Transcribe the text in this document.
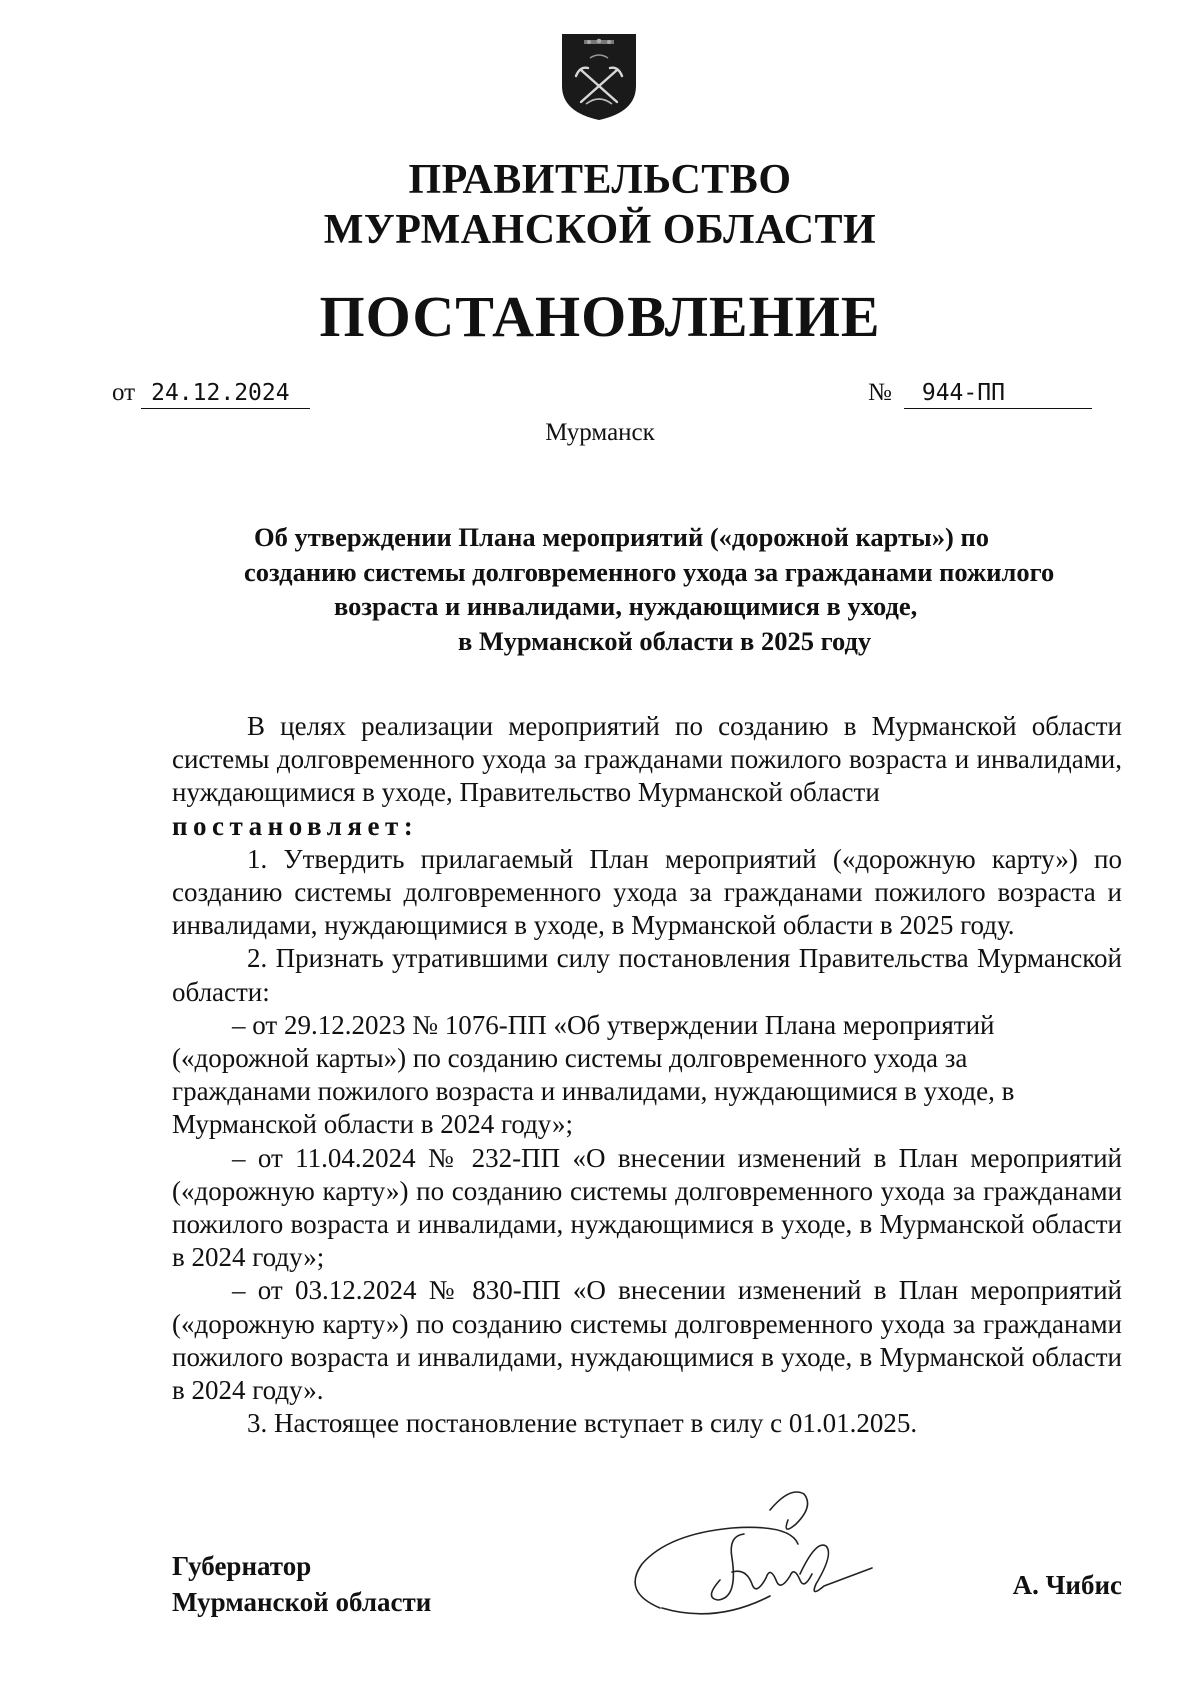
ПРАВИТЕЛЬСТВО
МУРМАНСКОЙ ОБЛАСТИ
ПОСТАНОВЛЕНИЕ
от 24.12.2024	№ 944-ПП
Мурманск
Об утверждении Плана мероприятий («дорожной карты») по
созданию системы долговременного ухода за гражданами пожилого
возраста и инвалидами, нуждающимися в уходе,
в Мурманской области в 2025 году

В целях реализации мероприятий по созданию в Мурманской области системы долговременного ухода за гражданами пожилого возраста и инвалидами, нуждающимися в уходе, Правительство Мурманской области

постановляет:

1. Утвердить прилагаемый План мероприятий («дорожную карту») по созданию системы долговременного ухода за гражданами пожилого возраста и инвалидами, нуждающимися в уходе, в Мурманской области в 2025 году.

2. Признать утратившими силу постановления Правительства Мурманской области:

– от 29.12.2023 № 1076-ПП «Об утверждении Плана мероприятий
(«дорожной карты») по созданию системы долговременного ухода за
гражданами пожилого возраста и инвалидами, нуждающимися в уходе, в
Мурманской области в 2024 году»;

– от 11.04.2024 № 232-ПП «О внесении изменений в План мероприятий («дорожную карту») по созданию системы долговременного ухода за гражданами пожилого возраста и инвалидами, нуждающимися в уходе, в Мурманской области в 2024 году»;

– от 03.12.2024 № 830-ПП «О внесении изменений в План мероприятий («дорожную карту») по созданию системы долговременного ухода за гражданами пожилого возраста и инвалидами, нуждающимися в уходе, в Мурманской области в 2024 году».

3. Настоящее постановление вступает в силу с 01.01.2025.

Губернатор
Мурманской области
А. Чибис
